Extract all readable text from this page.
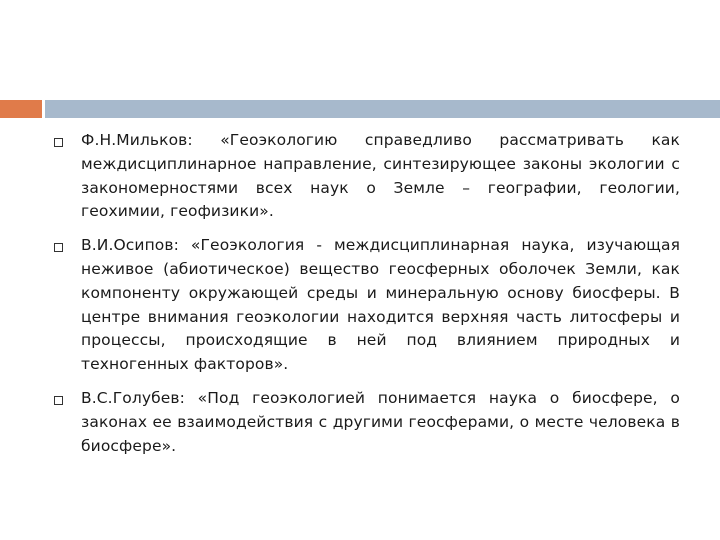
Ф.Н.Мильков: «Геоэкологию справедливо рассматривать как междисциплинарное направление, синтезирующее законы экологии с закономерностями всех наук о Земле – географии, геологии, геохимии, геофизики».
В.И.Осипов: «Геоэкология - междисциплинарная наука, изучающая неживое (абиотическое) вещество геосферных оболочек Земли, как компоненту окружающей среды и минеральную основу биосферы. В центре внимания геоэкологии находится верхняя часть литосферы и процессы, происходящие в ней под влиянием природных и техногенных факторов».
В.С.Голубев: «Под геоэкологией понимается наука о биосфере, о законах ее взаимодействия с другими геосферами, о месте человека в биосфере».
